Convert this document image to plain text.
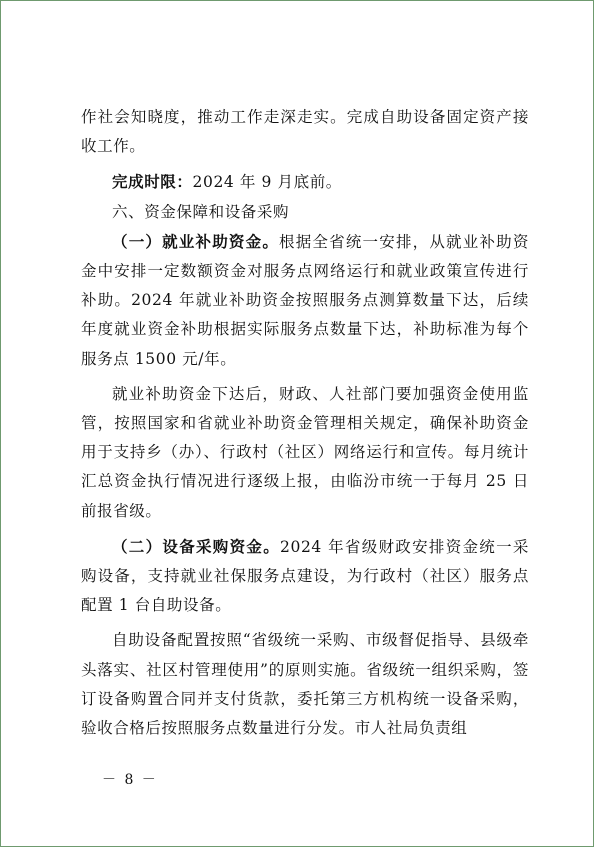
作社会知晓度，推动工作走深走实。完成自助设备固定资产接收工作。

完成时限：2024 年 9 月底前。

六、资金保障和设备采购

（一）就业补助资金。根据全省统一安排，从就业补助资金中安排一定数额资金对服务点网络运行和就业政策宣传进行补助。2024 年就业补助资金按照服务点测算数量下达，后续年度就业资金补助根据实际服务点数量下达，补助标准为每个服务点 1500 元/年。

就业补助资金下达后，财政、人社部门要加强资金使用监管，按照国家和省就业补助资金管理相关规定，确保补助资金用于支持乡（办）、行政村（社区）网络运行和宣传。每月统计汇总资金执行情况进行逐级上报，由临汾市统一于每月 25 日前报省级。

（二）设备采购资金。2024 年省级财政安排资金统一采购设备，支持就业社保服务点建设，为行政村（社区）服务点配置 1 台自助设备。

自助设备配置按照“省级统一采购、市级督促指导、县级牵头落实、社区村管理使用”的原则实施。省级统一组织采购，签订设备购置合同并支付货款，委托第三方机构统一设备采购，验收合格后按照服务点数量进行分发。市人社局负责组

－ 8 －
